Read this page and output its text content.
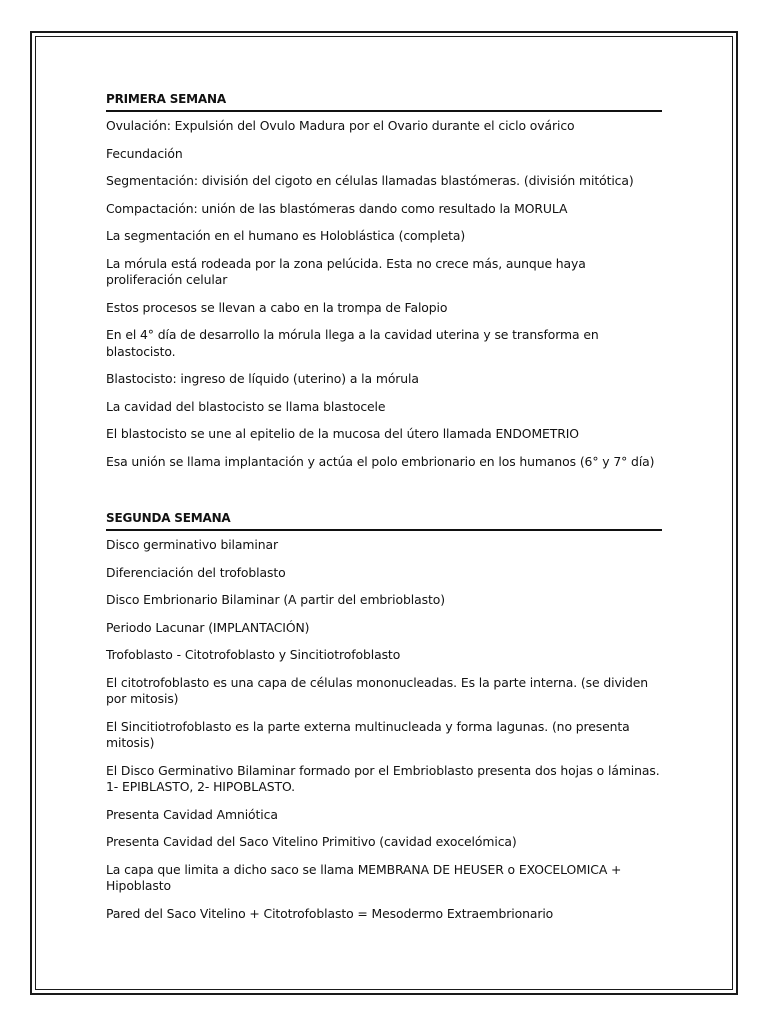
PRIMERA SEMANA

Ovulación: Expulsión del Ovulo Madura por el Ovario durante el ciclo ovárico

Fecundación

Segmentación: división del cigoto en células llamadas blastómeras. (división mitótica)

Compactación: unión de las blastómeras dando como resultado la MORULA

La segmentación en el humano es Holoblástica (completa)

La mórula está rodeada por la zona pelúcida. Esta no crece más, aunque haya proliferación celular

Estos procesos se llevan a cabo en la trompa de Falopio

En el 4° día de desarrollo la mórula llega a la cavidad uterina y se transforma en blastocisto.

Blastocisto: ingreso de líquido (uterino) a la mórula

La cavidad del blastocisto se llama blastocele

El blastocisto se une al epitelio de la mucosa del útero llamada ENDOMETRIO

Esa unión se llama implantación y actúa el polo embrionario en los humanos (6° y 7° día)

SEGUNDA SEMANA

Disco germinativo bilaminar

Diferenciación del trofoblasto

Disco Embrionario Bilaminar (A partir del embrioblasto)

Periodo Lacunar (IMPLANTACIÓN)

Trofoblasto - Citotrofoblasto y Sincitiotrofoblasto

El citotrofoblasto es una capa de células mononucleadas. Es la parte interna. (se dividen por mitosis)

El Sincitiotrofoblasto es la parte externa multinucleada y forma lagunas. (no presenta mitosis)

El Disco Germinativo Bilaminar formado por el Embrioblasto presenta dos hojas o láminas. 1- EPIBLASTO, 2- HIPOBLASTO.

Presenta Cavidad Amniótica

Presenta Cavidad del Saco Vitelino Primitivo (cavidad exocelómica)

La capa que limita a dicho saco se llama MEMBRANA DE HEUSER o EXOCELOMICA + Hipoblasto

Pared del Saco Vitelino + Citotrofoblasto = Mesodermo Extraembrionario
